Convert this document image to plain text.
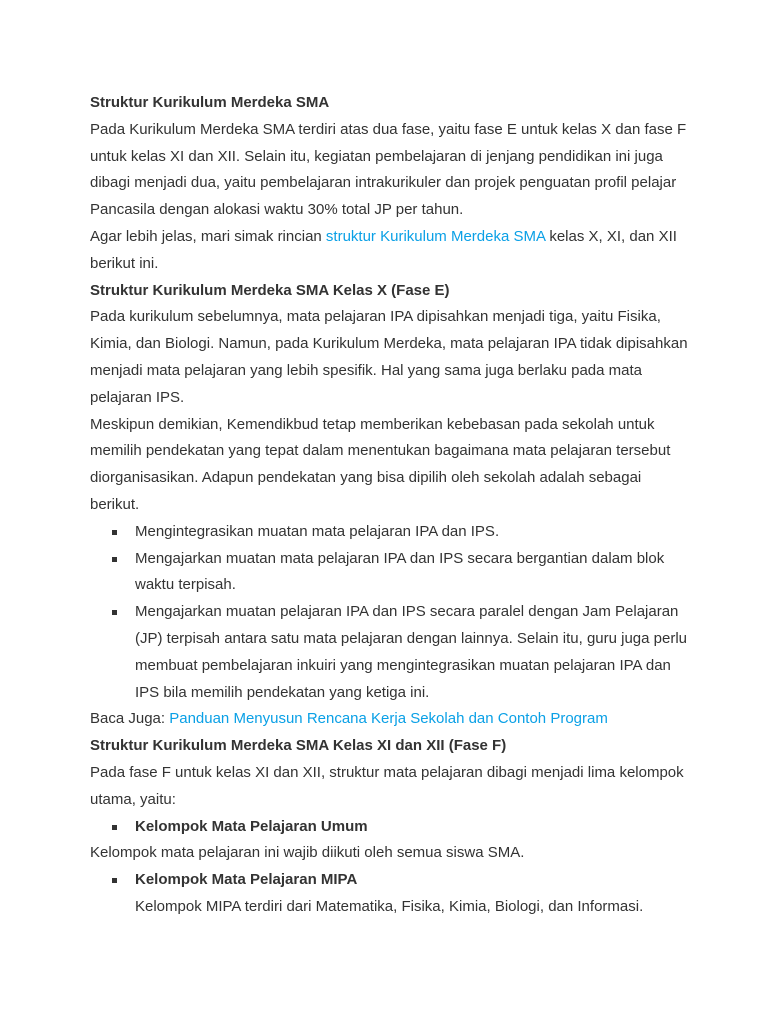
Struktur Kurikulum Merdeka SMA

Pada Kurikulum Merdeka SMA terdiri atas dua fase, yaitu fase E untuk kelas X dan fase F untuk kelas XI dan XII. Selain itu, kegiatan pembelajaran di jenjang pendidikan ini juga dibagi menjadi dua, yaitu pembelajaran intrakurikuler dan projek penguatan profil pelajar Pancasila dengan alokasi waktu 30% total JP per tahun.

Agar lebih jelas, mari simak rincian struktur Kurikulum Merdeka SMA kelas X, XI, dan XII berikut ini.

Struktur Kurikulum Merdeka SMA Kelas X (Fase E)

Pada kurikulum sebelumnya, mata pelajaran IPA dipisahkan menjadi tiga, yaitu Fisika, Kimia, dan Biologi. Namun, pada Kurikulum Merdeka, mata pelajaran IPA tidak dipisahkan menjadi mata pelajaran yang lebih spesifik. Hal yang sama juga berlaku pada mata pelajaran IPS.

Meskipun demikian, Kemendikbud tetap memberikan kebebasan pada sekolah untuk memilih pendekatan yang tepat dalam menentukan bagaimana mata pelajaran tersebut diorganisasikan. Adapun pendekatan yang bisa dipilih oleh sekolah adalah sebagai berikut.

Mengintegrasikan muatan mata pelajaran IPA dan IPS.
Mengajarkan muatan mata pelajaran IPA dan IPS secara bergantian dalam blok waktu terpisah.
Mengajarkan muatan pelajaran IPA dan IPS secara paralel dengan Jam Pelajaran (JP) terpisah antara satu mata pelajaran dengan lainnya. Selain itu, guru juga perlu membuat pembelajaran inkuiri yang mengintegrasikan muatan pelajaran IPA dan IPS bila memilih pendekatan yang ketiga ini.

Baca Juga: Panduan Menyusun Rencana Kerja Sekolah dan Contoh Program

Struktur Kurikulum Merdeka SMA Kelas XI dan XII (Fase F)

Pada fase F untuk kelas XI dan XII, struktur mata pelajaran dibagi menjadi lima kelompok utama, yaitu:

Kelompok Mata Pelajaran Umum

Kelompok mata pelajaran ini wajib diikuti oleh semua siswa SMA.

Kelompok Mata Pelajaran MIPA

Kelompok MIPA terdiri dari Matematika, Fisika, Kimia, Biologi, dan Informasi.
